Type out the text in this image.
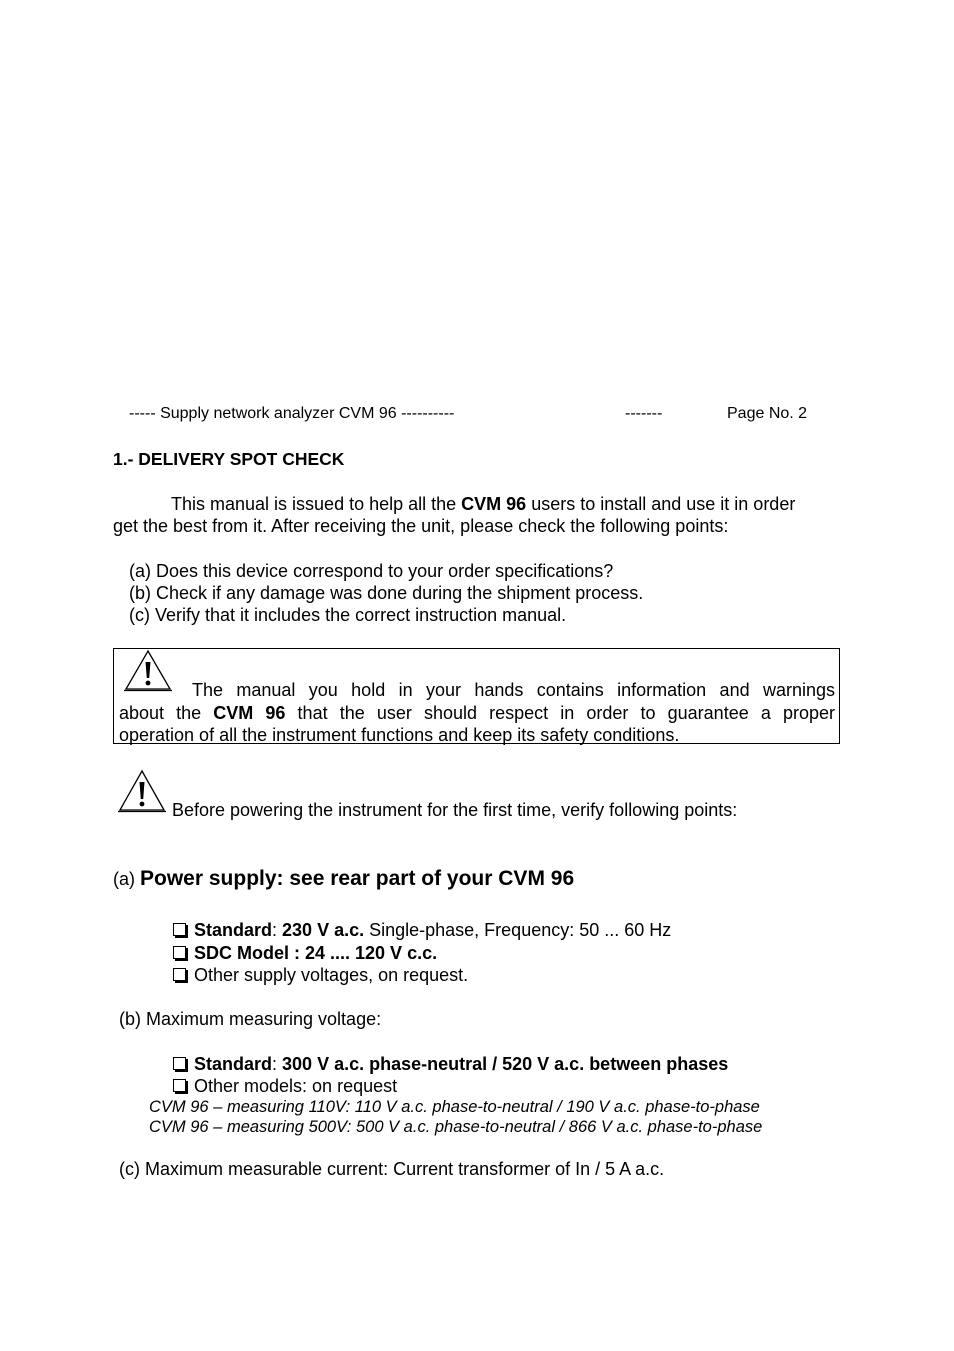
----- Supply network analyzer CVM 96 ----------	-------	Page No. 2
1.- DELIVERY SPOT CHECK
This manual is issued to help all the CVM 96 users to install and use it in order
get the best from it. After receiving the unit, please check the following points:
(a) Does this device correspond to your order specifications?
(b) Check if any damage was done during the shipment process.
(c) Verify that it includes the correct instruction manual.
The manual you hold in your hands contains information and warnings
about the CVM 96 that the user should respect in order to guarantee a proper
operation of all the instrument functions and keep its safety conditions.
Before powering the instrument for the first time, verify following points:
(a) Power supply: see rear part of your CVM 96
Standard: 230 V a.c. Single-phase, Frequency: 50 ... 60 Hz
SDC Model : 24 .... 120 V c.c.
Other supply voltages, on request.
(b) Maximum measuring voltage:
Standard: 300 V a.c. phase-neutral / 520 V a.c. between phases
Other models: on request
CVM 96 – measuring 110V: 110 V a.c. phase-to-neutral / 190 V a.c. phase-to-phase
CVM 96 – measuring 500V: 500 V a.c. phase-to-neutral / 866 V a.c. phase-to-phase
(c) Maximum measurable current: Current transformer of In / 5 A a.c.
